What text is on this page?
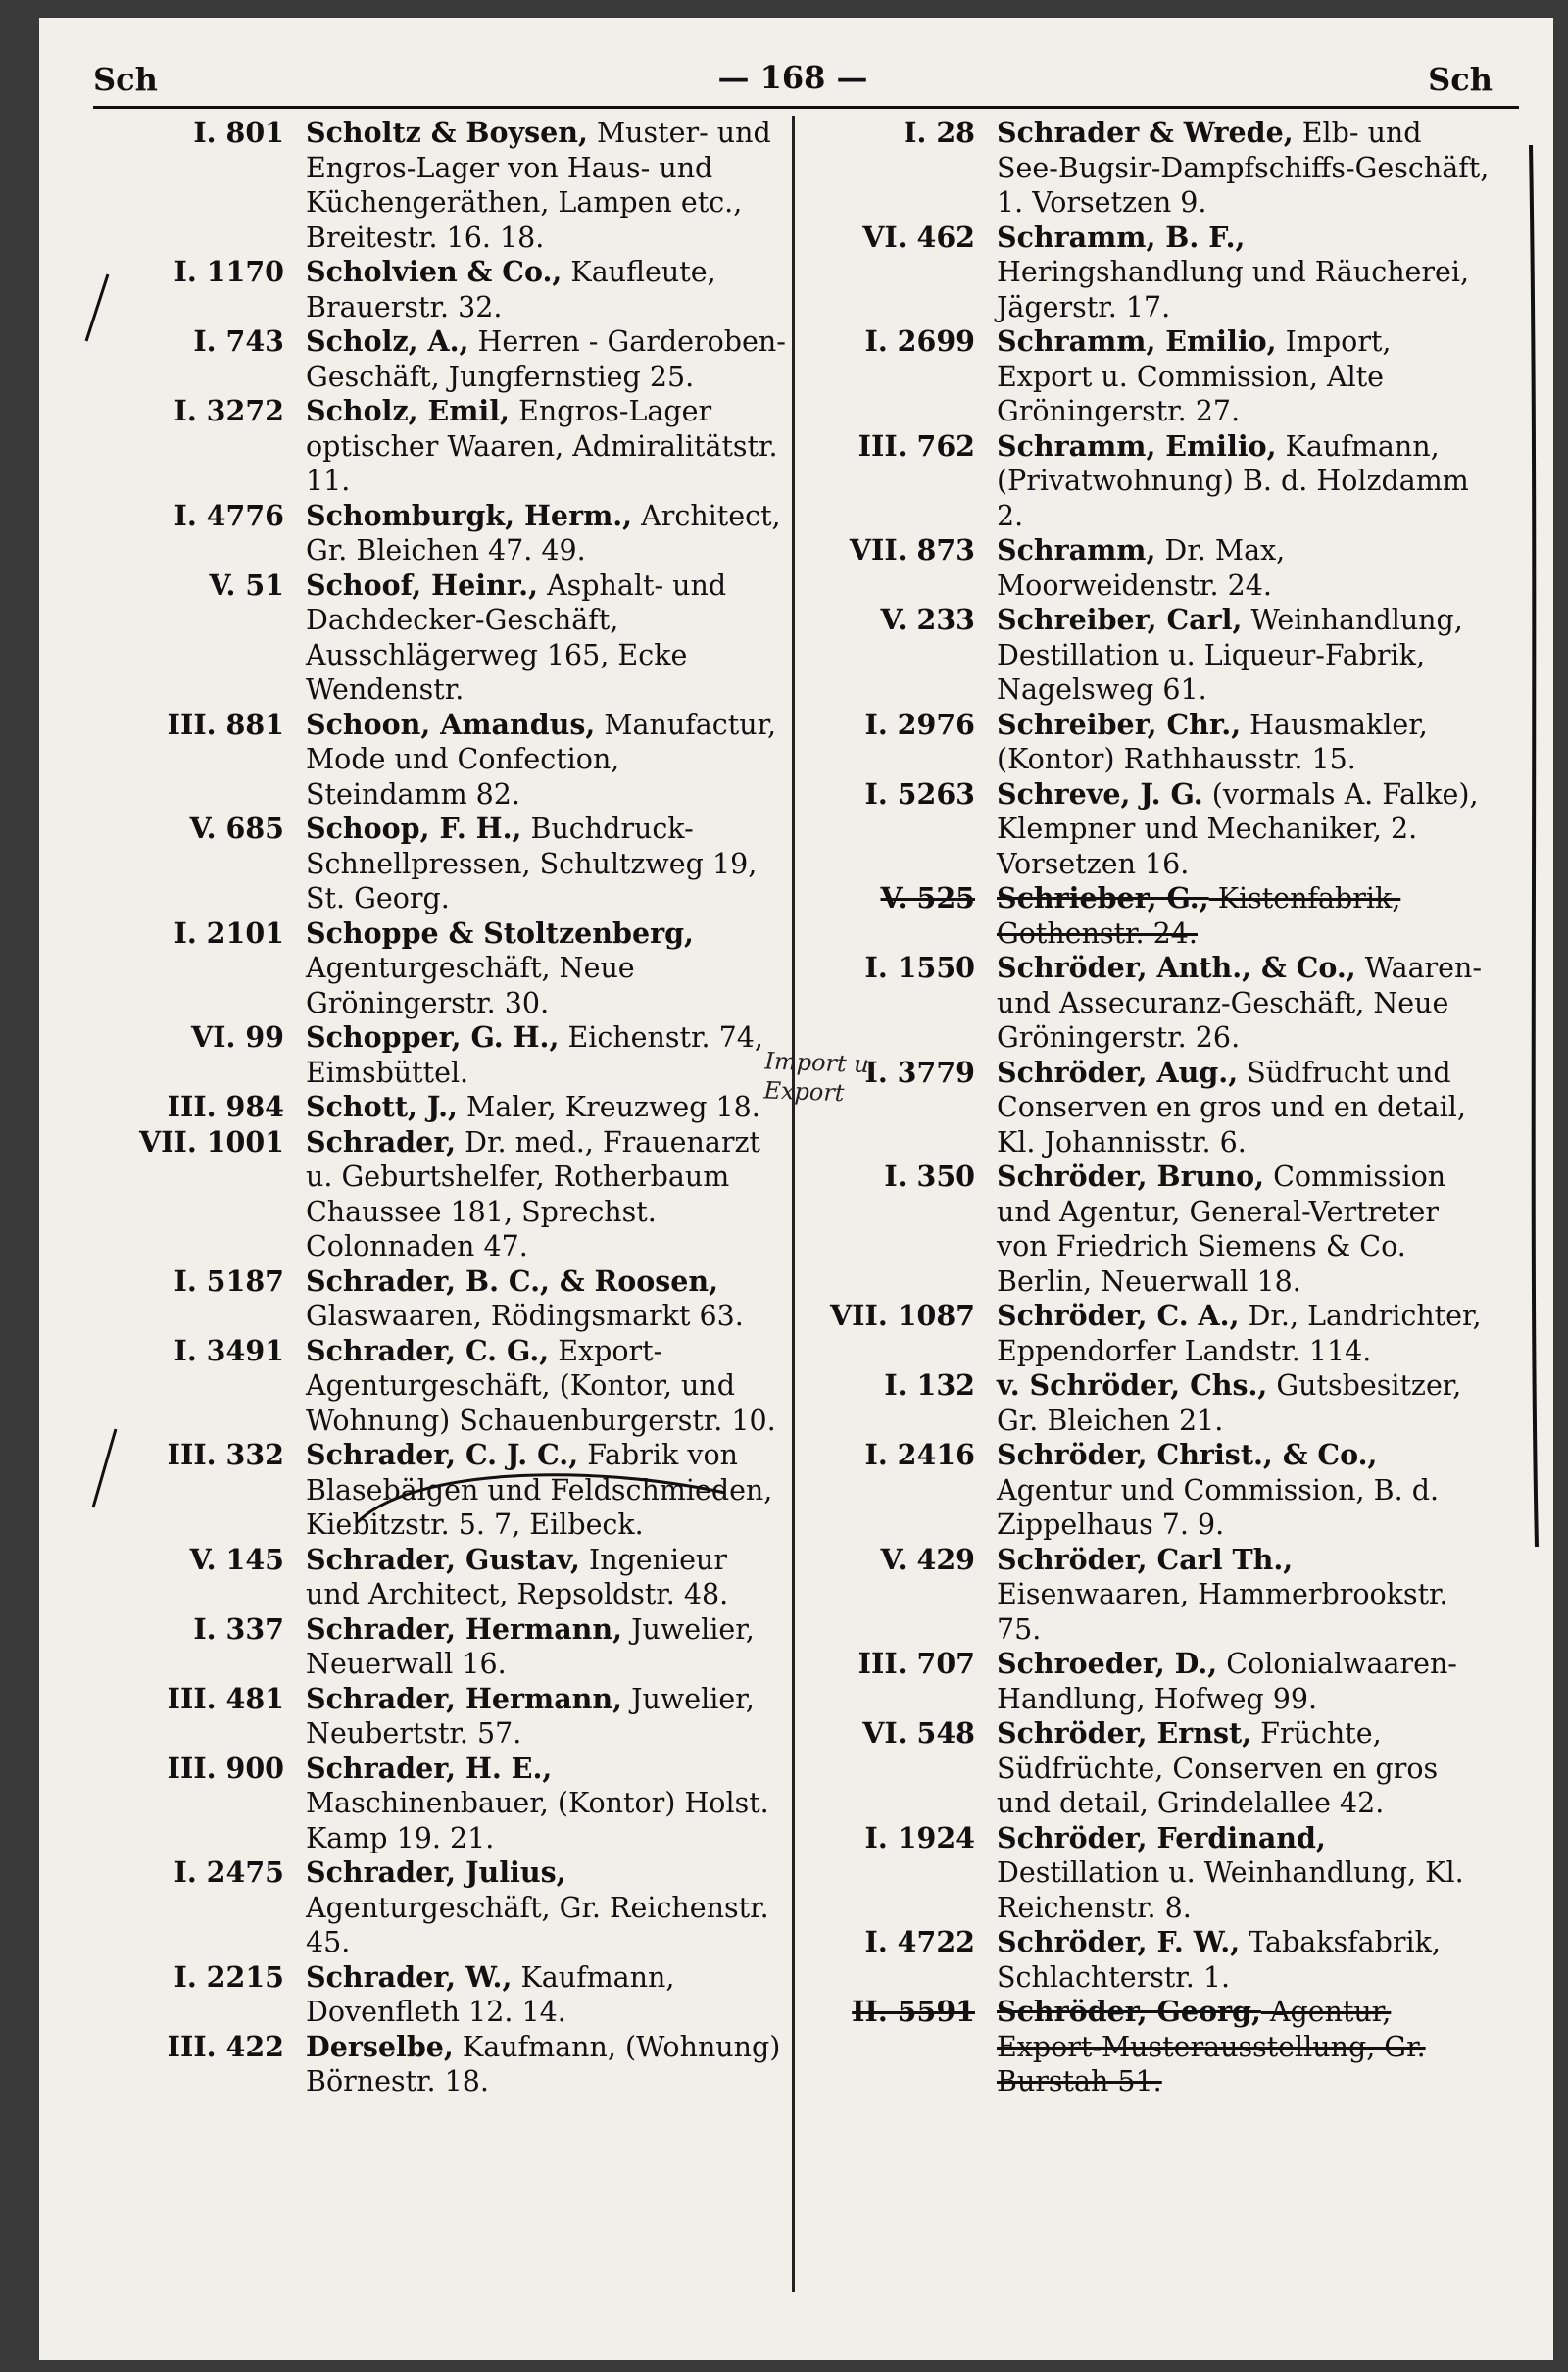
Sch	— 168 —	Sch
I. 801 Scholtz & Boysen, Muster- und Engros-Lager von Haus- und Küchengeräthen, Lampen etc., Breitestr. 16. 18.
I. 1170 Scholvien & Co., Kaufleute, Brauerstr. 32.
I. 743 Scholz, A., Herren - Garderoben-Geschäft, Jungfernstieg 25.
I. 3272 Scholz, Emil, Engros-Lager optischer Waaren, Admiralitätstr. 11.
I. 4776 Schomburgk, Herm., Architect, Gr. Bleichen 47. 49.
V. 51 Schoof, Heinr., Asphalt- und Dachdecker-Geschäft, Ausschlägerweg 165, Ecke Wendenstr.
III. 881 Schoon, Amandus, Manufactur, Mode und Confection, Steindamm 82.
V. 685 Schoop, F. H., Buchdruck-Schnellpressen, Schultzweg 19, St. Georg.
I. 2101 Schoppe & Stoltzenberg, Agenturgeschäft, Neue Gröningerstr. 30.
VI. 99 Schopper, G. H., Eichenstr. 74, Eimsbüttel.
III. 984 Schott, J., Maler, Kreuzweg 18.
VII. 1001 Schrader, Dr. med., Frauenarzt u. Geburtshelfer, Rotherbaum Chaussee 181, Sprechst. Colonnaden 47.
I. 5187 Schrader, B. C., & Roosen, Glaswaaren, Rödingsmarkt 63.
I. 3491 Schrader, C. G., Export-Agenturgeschäft, (Kontor, und Wohnung) Schauenburgerstr. 10.
III. 332 Schrader, C. J. C., Fabrik von Blasebälgen und Feldschmieden, Kiebitzstr. 5. 7, Eilbeck.
V. 145 Schrader, Gustav, Ingenieur und Architect, Repsoldstr. 48.
I. 337 Schrader, Hermann, Juwelier, Neuerwall 16.
III. 481 Schrader, Hermann, Juwelier, Neubertstr. 57.
III. 900 Schrader, H. E., Maschinenbauer, (Kontor) Holst. Kamp 19. 21.
I. 2475 Schrader, Julius, Agenturgeschäft, Gr. Reichenstr. 45.
I. 2215 Schrader, W., Kaufmann, Dovenfleth 12. 14.
III. 422 Derselbe, Kaufmann, (Wohnung) Börnestr. 18.
I. 28 Schrader & Wrede, Elb- und See-Bugsir-Dampfschiffs-Geschäft, 1. Vorsetzen 9.
VI. 462 Schramm, B. F., Heringshandlung und Räucherei, Jägerstr. 17.
I. 2699 Schramm, Emilio, Import, Export u. Commission, Alte Gröningerstr. 27.
III. 762 Schramm, Emilio, Kaufmann, (Privatwohnung) B. d. Holzdamm 2.
VII. 873 Schramm, Dr. Max, Moorweidenstr. 24.
V. 233 Schreiber, Carl, Weinhandlung, Destillation u. Liqueur-Fabrik, Nagelsweg 61.
I. 2976 Schreiber, Chr., Hausmakler, (Kontor) Rathhausstr. 15.
I. 5263 Schreve, J. G. (vormals A. Falke), Klempner und Mechaniker, 2. Vorsetzen 16.
V. 525 Schrieber, G., Kistenfabrik, Gothenstr. 24.
I. 1550 Schröder, Anth., & Co., Waaren- und Assecuranz-Geschäft, Neue Gröningerstr. 26.
I. 3779 Schröder, Aug., Südfrucht und Conserven en gros und en detail, Kl. Johannisstr. 6.
I. 350 Schröder, Bruno, Commission und Agentur, General-Vertreter von Friedrich Siemens & Co. Berlin, Neuerwall 18.
VII. 1087 Schröder, C. A., Dr., Landrichter, Eppendorfer Landstr. 114.
I. 132 v. Schröder, Chs., Gutsbesitzer, Gr. Bleichen 21.
I. 2416 Schröder, Christ., & Co., Agentur und Commission, B. d. Zippelhaus 7. 9.
V. 429 Schröder, Carl Th., Eisenwaaren, Hammerbrookstr. 75.
III. 707 Schroeder, D., Colonialwaaren-Handlung, Hofweg 99.
VI. 548 Schröder, Ernst, Früchte, Südfrüchte, Conserven en gros und detail, Grindelallee 42.
I. 1924 Schröder, Ferdinand, Destillation u. Weinhandlung, Kl. Reichenstr. 8.
I. 4722 Schröder, F. W., Tabaksfabrik, Schlachterstr. 1.
II. 5591 Schröder, Georg, Agentur, Export-Musterausstellung, Gr. Burstah 51.
Import u. Export
